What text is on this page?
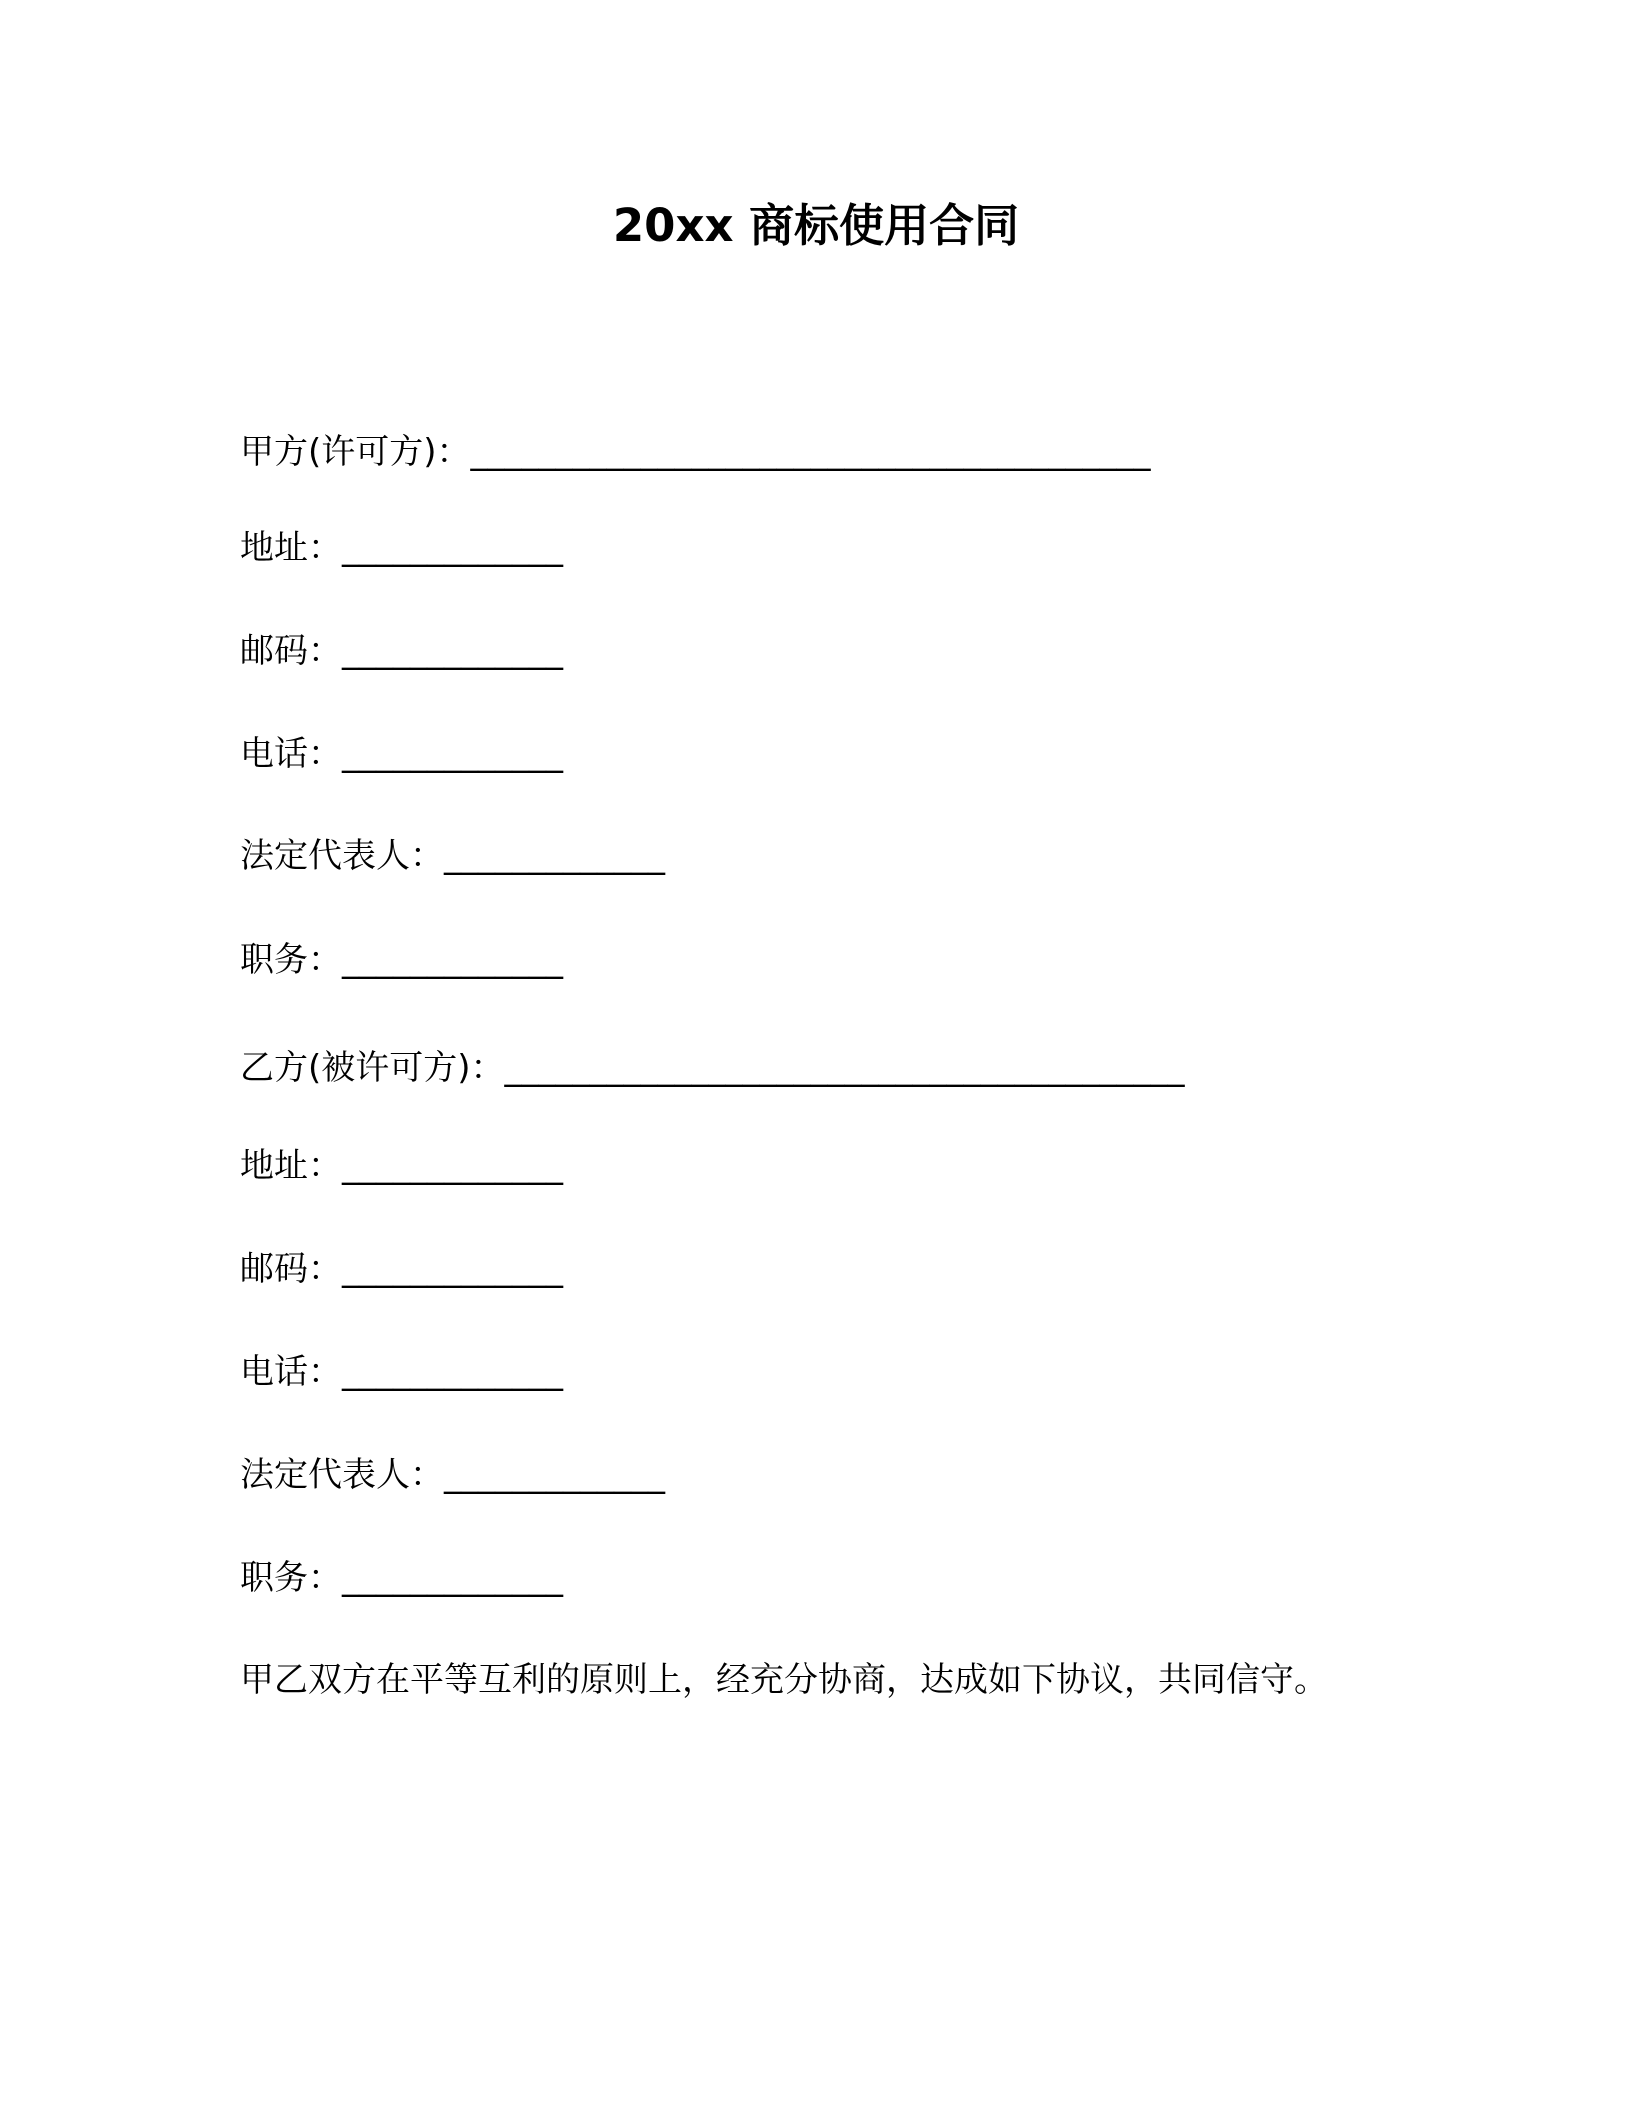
20xx 商标使用合同
甲方(许可方)：________________________________________
地址：_____________
邮码：_____________
电话：_____________
法定代表人：_____________
职务：_____________
乙方(被许可方)：________________________________________
地址：_____________
邮码：_____________
电话：_____________
法定代表人：_____________
职务：_____________
甲乙双方在平等互利的原则上，经充分协商，达成如下协议，共同信守。
